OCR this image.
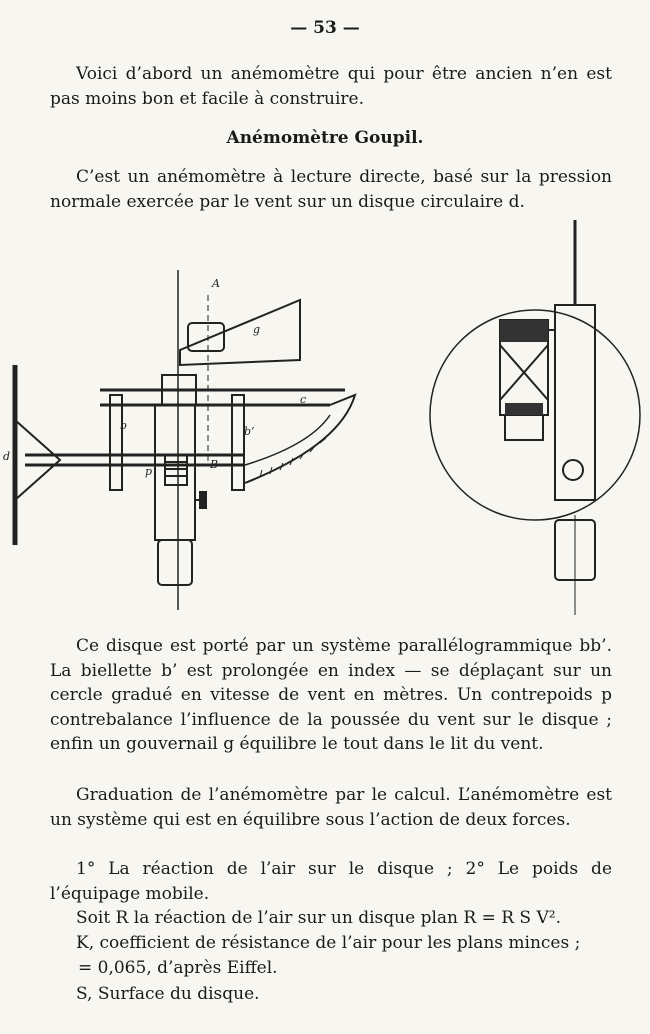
— 53 —
Voici d’abord un anémomètre qui pour être ancien n’en est pas moins bon et facile à construire.
Anémomètre Goupil.
C’est un anémomètre à lecture directe, basé sur la pression normale exercée par le vent sur un disque circulaire d.
A
g
b	b’
B
p
d
c
Ce disque est porté par un système parallélogrammique bb’. La biellette b’ est prolongée en index — se déplaçant sur un cercle gradué en vitesse de vent en mètres. Un contrepoids p contrebalance l’influence de la poussée du vent sur le disque ; enfin un gouvernail g équilibre le tout dans le lit du vent.
Graduation de l’anémomètre par le calcul. L’anémomètre est un système qui est en équilibre sous l’action de deux forces.
1° La réaction de l’air sur le disque ; 2° Le poids de l’équipage mobile.
Soit R la réaction de l’air sur un disque plan R = R S V².
K, coefficient de résistance de l’air pour les plans minces ;
= 0,065, d’après Eiffel.
S, Surface du disque.
